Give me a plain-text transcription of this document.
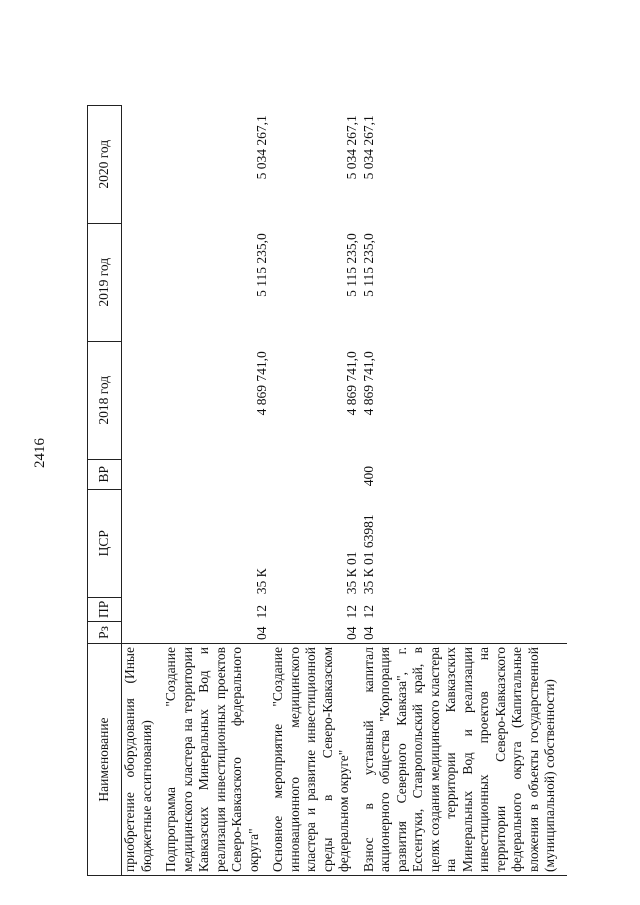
2416
Наименование	Рз	ПР	ЦСР	ВР	2018 год	2019 год	2020 год
приобретение оборудования (Иные бюджетные ассигнования)							
Подпрограмма "Создание медицинского кластера на территории Кавказских Минеральных Вод и реализация инвестиционных проектов Северо-Кавказского федерального округа"	04	12	35 К		4 869 741,0	5 115 235,0	5 034 267,1
Основное мероприятие "Создание инновационного медицинского кластера и развитие инвестиционной среды в Северо-Кавказском федеральном округе"	04	12	35 К 01		4 869 741,0	5 115 235,0	5 034 267,1
Взнос в уставный капитал акционерного общества "Корпорация развития Северного Кавказа", г. Ессентуки, Ставропольский край, в целях создания медицинского кластера на территории Кавказских Минеральных Вод и реализации инвестиционных проектов на территории Северо-Кавказского федерального округа (Капитальные вложения в объекты государственной (муниципальной) собственности)	04	12	35 К 01 63981	400	4 869 741,0	5 115 235,0	5 034 267,1
